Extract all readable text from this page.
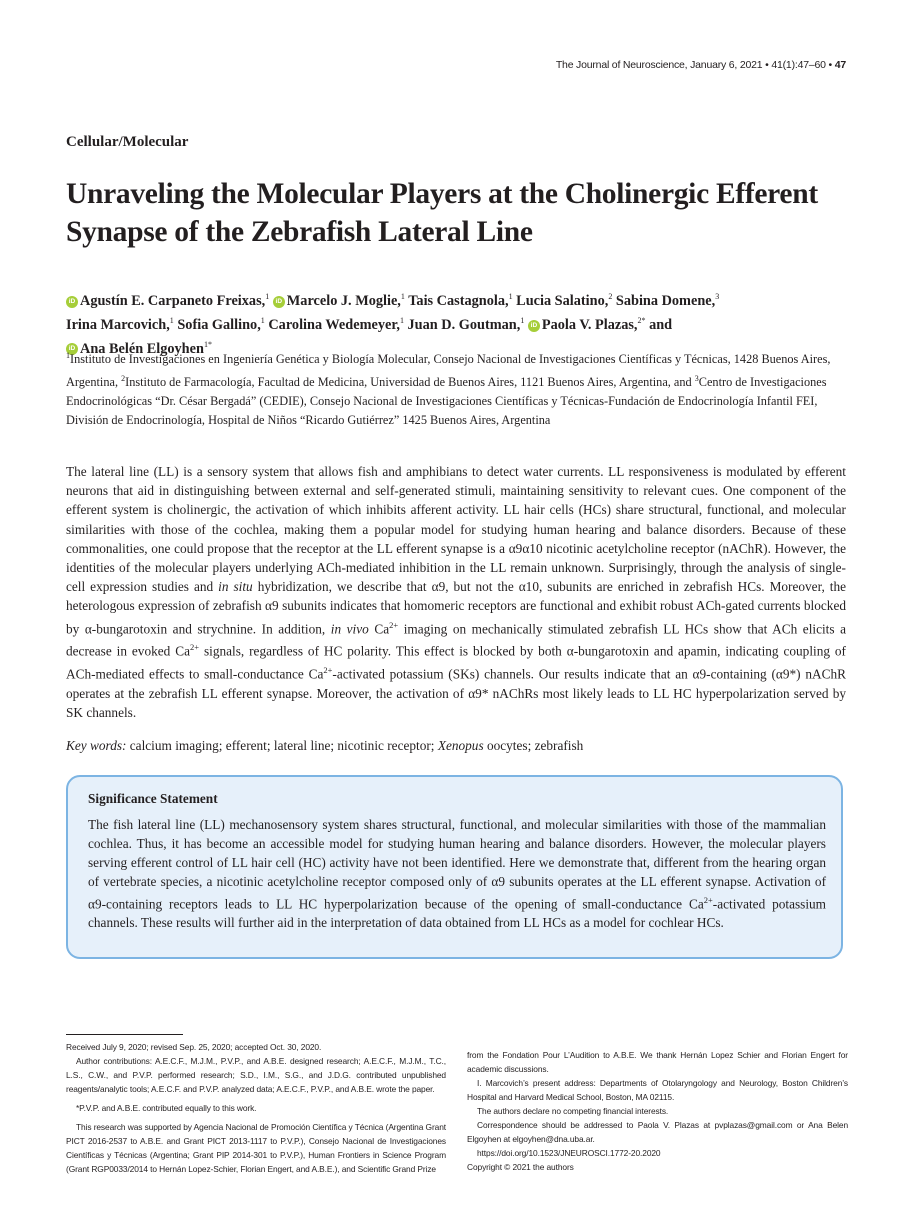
The Journal of Neuroscience, January 6, 2021 • 41(1):47–60 • 47
Cellular/Molecular
Unraveling the Molecular Players at the Cholinergic Efferent
Synapse of the Zebrafish Lateral Line
iD Agustín E. Carpaneto Freixas,$^1$ iD Marcelo J. Moglie,$^1$ Tais Castagnola,$^1$ Lucia Salatino,$^2$ Sabina Domene,$^3$
Irina Marcovich,$^1$ Sofia Gallino,$^1$ Carolina Wedemeyer,$^1$ Juan D. Goutman,$^1$ iD Paola V. Plazas,$^{2*}$ and
iD Ana Belén Elgoyhen$^{1*}$
$^1$Instituto de Investigaciones en Ingeniería Genética y Biología Molecular, Consejo Nacional de Investigaciones Científicas y Técnicas, 1428 Buenos Aires, Argentina, $^2$Instituto de Farmacología, Facultad de Medicina, Universidad de Buenos Aires, 1121 Buenos Aires, Argentina, and $^3$Centro de Investigaciones Endocrinológicas “Dr. César Bergadá” (CEDIE), Consejo Nacional de Investigaciones Científicas y Técnicas-Fundación de Endocrinología Infantil FEI, División de Endocrinología, Hospital de Niños “Ricardo Gutiérrez” 1425 Buenos Aires, Argentina
The lateral line (LL) is a sensory system that allows fish and amphibians to detect water currents. LL responsiveness is modulated by efferent neurons that aid in distinguishing between external and self-generated stimuli, maintaining sensitivity to relevant cues. One component of the efferent system is cholinergic, the activation of which inhibits afferent activity. LL hair cells (HCs) share structural, functional, and molecular similarities with those of the cochlea, making them a popular model for studying human hearing and balance disorders. Because of these commonalities, one could propose that the receptor at the LL efferent synapse is a α9α10 nicotinic acetylcholine receptor (nAChR). However, the identities of the molecular players underlying ACh-mediated inhibition in the LL remain unknown. Surprisingly, through the analysis of single-cell expression studies and in situ hybridization, we describe that α9, but not the α10, subunits are enriched in zebrafish HCs. Moreover, the heterologous expression of zebrafish α9 subunits indicates that homomeric receptors are functional and exhibit robust ACh-gated currents blocked by α-bungarotoxin and strychnine. In addition, in vivo $Ca^{2+}$ imaging on mechanically stimulated zebrafish LL HCs show that ACh elicits a decrease in evoked $Ca^{2+}$ signals, regardless of HC polarity. This effect is blocked by both α-bungarotoxin and apamin, indicating coupling of ACh-mediated effects to small-conductance $Ca^{2+}$-activated potassium (SKs) channels. Our results indicate that an α9-containing (α9*) nAChR operates at the zebrafish LL efferent synapse. Moreover, the activation of α9* nAChRs most likely leads to LL HC hyperpolarization served by SK channels.
Key words: calcium imaging; efferent; lateral line; nicotinic receptor; Xenopus oocytes; zebrafish
Significance Statement
The fish lateral line (LL) mechanosensory system shares structural, functional, and molecular similarities with those of the mammalian cochlea. Thus, it has become an accessible model for studying human hearing and balance disorders. However, the molecular players serving efferent control of LL hair cell (HC) activity have not been identified. Here we demonstrate that, different from the hearing organ of vertebrate species, a nicotinic acetylcholine receptor composed only of α9 subunits operates at the LL efferent synapse. Activation of α9-containing receptors leads to LL HC hyperpolarization because of the opening of small-conductance $Ca^{2+}$-activated potassium channels. These results will further aid in the interpretation of data obtained from LL HCs as a model for cochlear HCs.

Received July 9, 2020; revised Sep. 25, 2020; accepted Oct. 30, 2020.

Author contributions: A.E.C.F., M.J.M., P.V.P., and A.B.E. designed research; A.E.C.F., M.J.M., T.C., L.S., C.W., and P.V.P. performed research; S.D., I.M., S.G., and J.D.G. contributed unpublished reagents/analytic tools; A.E.C.F. and P.V.P. analyzed data; A.E.C.F., P.V.P., and A.B.E. wrote the paper.

*P.V.P. and A.B.E. contributed equally to this work.

This research was supported by Agencia Nacional de Promoción Científica y Técnica (Argentina Grant PICT 2016-2537 to A.B.E. and Grant PICT 2013-1117 to P.V.P.), Consejo Nacional de Investigaciones Científicas y Técnicas (Argentina; Grant PIP 2014-301 to P.V.P.), Human Frontiers in Science Program (Grant RGP0033/2014 to Hernán Lopez-Schier, Florian Engert, and A.B.E.), and Scientific Grand Prize

from the Fondation Pour L’Audition to A.B.E. We thank Hernán Lopez Schier and Florian Engert for academic discussions.

I. Marcovich’s present address: Departments of Otolaryngology and Neurology, Boston Children’s Hospital and Harvard Medical School, Boston, MA 02115.

The authors declare no competing financial interests.

Correspondence should be addressed to Paola V. Plazas at pvplazas@gmail.com or Ana Belen Elgoyhen at elgoyhen@dna.uba.ar.

https://doi.org/10.1523/JNEUROSCI.1772-20.2020

Copyright © 2021 the authors
